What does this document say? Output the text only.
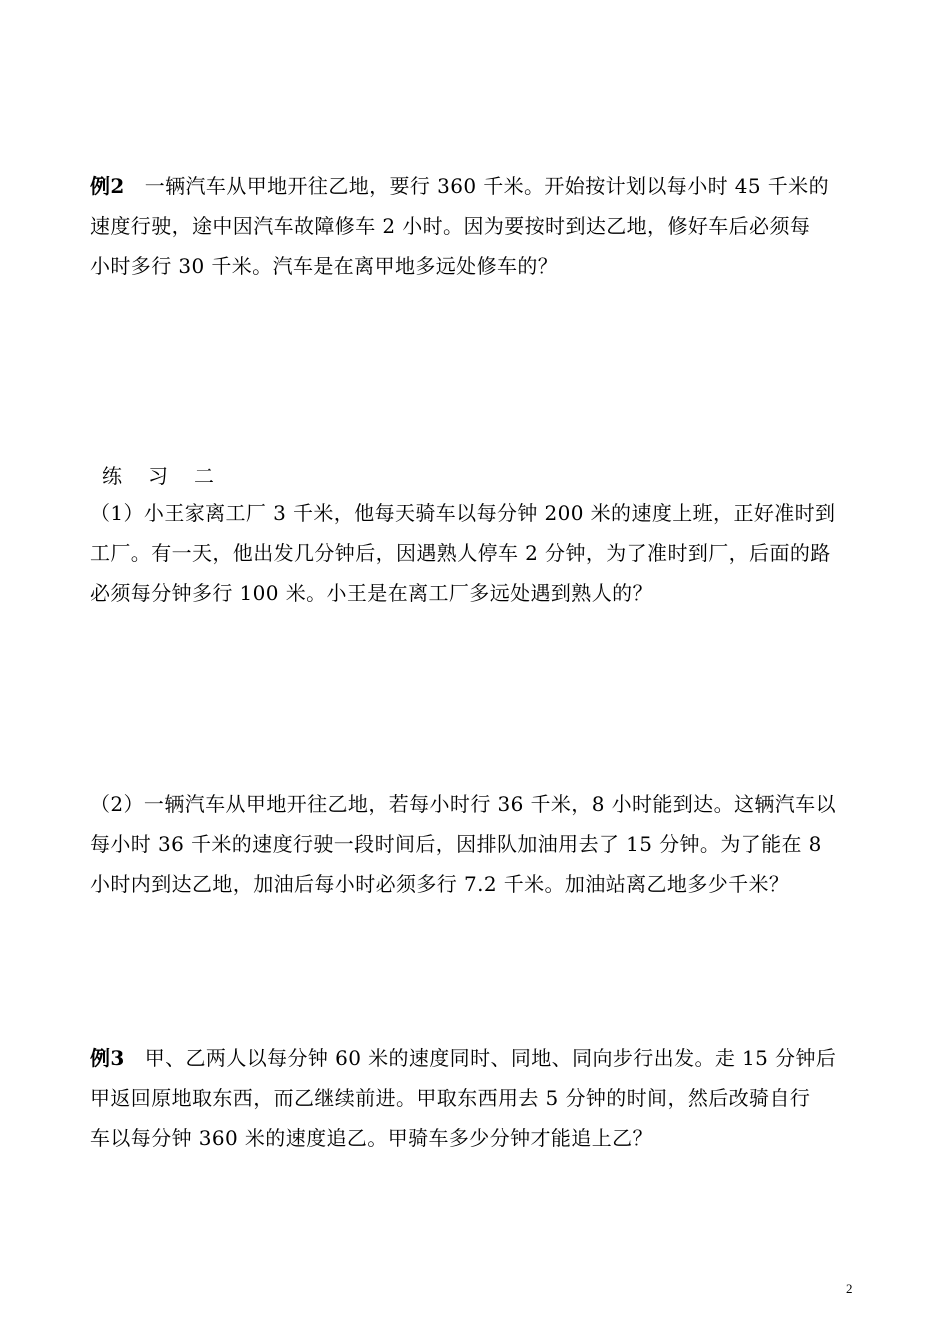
例2 一辆汽车从甲地开往乙地，要行 360 千米。开始按计划以每小时 45 千米的
速度行驶，途中因汽车故障修车 2 小时。因为要按时到达乙地，修好车后必须每
小时多行 30 千米。汽车是在离甲地多远处修车的？
练 习 二
（1）小王家离工厂 3 千米，他每天骑车以每分钟 200 米的速度上班，正好准时到
工厂。有一天，他出发几分钟后，因遇熟人停车 2 分钟，为了准时到厂，后面的路
必须每分钟多行 100 米。小王是在离工厂多远处遇到熟人的？
（2）一辆汽车从甲地开往乙地，若每小时行 36 千米，8 小时能到达。这辆汽车以
每小时 36 千米的速度行驶一段时间后，因排队加油用去了 15 分钟。为了能在 8
小时内到达乙地，加油后每小时必须多行 7.2 千米。加油站离乙地多少千米？
例3 甲、乙两人以每分钟 60 米的速度同时、同地、同向步行出发。走 15 分钟后
甲返回原地取东西，而乙继续前进。甲取东西用去 5 分钟的时间，然后改骑自行
车以每分钟 360 米的速度追乙。甲骑车多少分钟才能追上乙？
2
